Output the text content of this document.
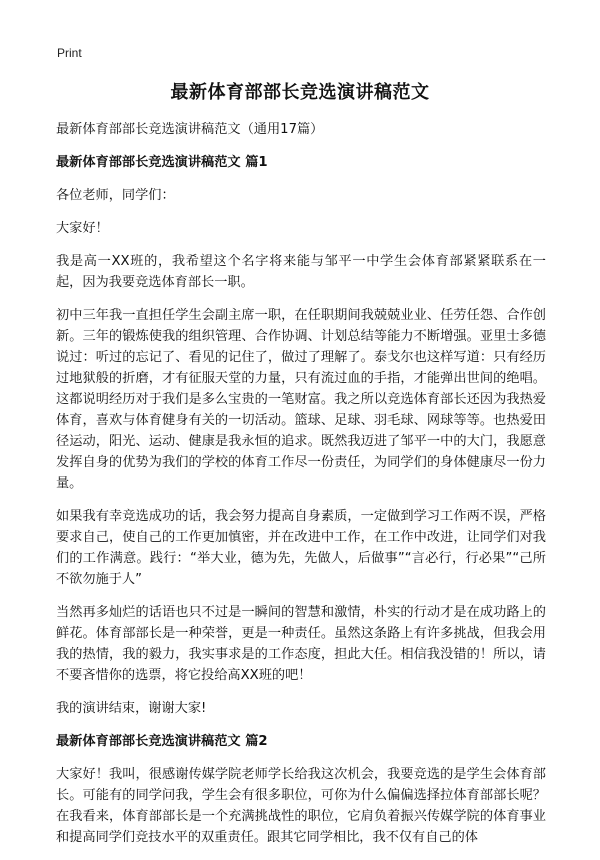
Print
最新体育部部长竞选演讲稿范文

最新体育部部长竞选演讲稿范文（通用17篇）

最新体育部部长竞选演讲稿范文 篇1

各位老师，同学们：

大家好！

我是高一XX班的，我希望这个名字将来能与邹平一中学生会体育部紧紧联系在一起，因为我要竞选体育部长一职。

初中三年我一直担任学生会副主席一职，在任职期间我兢兢业业、任劳任怨、合作创新。三年的锻炼使我的组织管理、合作协调、计划总结等能力不断增强。亚里士多德说过：听过的忘记了、看见的记住了，做过了理解了。泰戈尔也这样写道：只有经历过地狱般的折磨，才有征服天堂的力量，只有流过血的手指，才能弹出世间的绝唱。这都说明经历对于我们是多么宝贵的一笔财富。我之所以竞选体育部长还因为我热爱体育，喜欢与体育健身有关的一切活动。篮球、足球、羽毛球、网球等等。也热爱田径运动，阳光、运动、健康是我永恒的追求。既然我迈进了邹平一中的大门，我愿意发挥自身的优势为我们的学校的体育工作尽一份责任，为同学们的身体健康尽一份力量。

如果我有幸竞选成功的话，我会努力提高自身素质，一定做到学习工作两不误，严格要求自己，使自己的工作更加慎密，并在改进中工作，在工作中改进，让同学们对我们的工作满意。践行：“举大业，德为先，先做人，后做事”“言必行，行必果”“己所不欲勿施于人”

当然再多灿烂的话语也只不过是一瞬间的智慧和激情，朴实的行动才是在成功路上的鲜花。体育部部长是一种荣誉，更是一种责任。虽然这条路上有许多挑战，但我会用我的热情，我的毅力，我实事求是的工作态度，担此大任。相信我没错的！所以，请不要吝惜你的选票，将它投给高XX班的吧！

我的演讲结束，谢谢大家!

最新体育部部长竞选演讲稿范文 篇2

大家好！我叫，很感谢传媒学院老师学长给我这次机会，我要竞选的是学生会体育部长。可能有的同学问我，学生会有很多职位，可你为什么偏偏选择拉体育部部长呢？在我看来，体育部部长是一个充满挑战性的职位，它肩负着振兴传媒学院的体育事业和提高同学们竞技水平的双重责任。跟其它同学相比，我不仅有自己的体
